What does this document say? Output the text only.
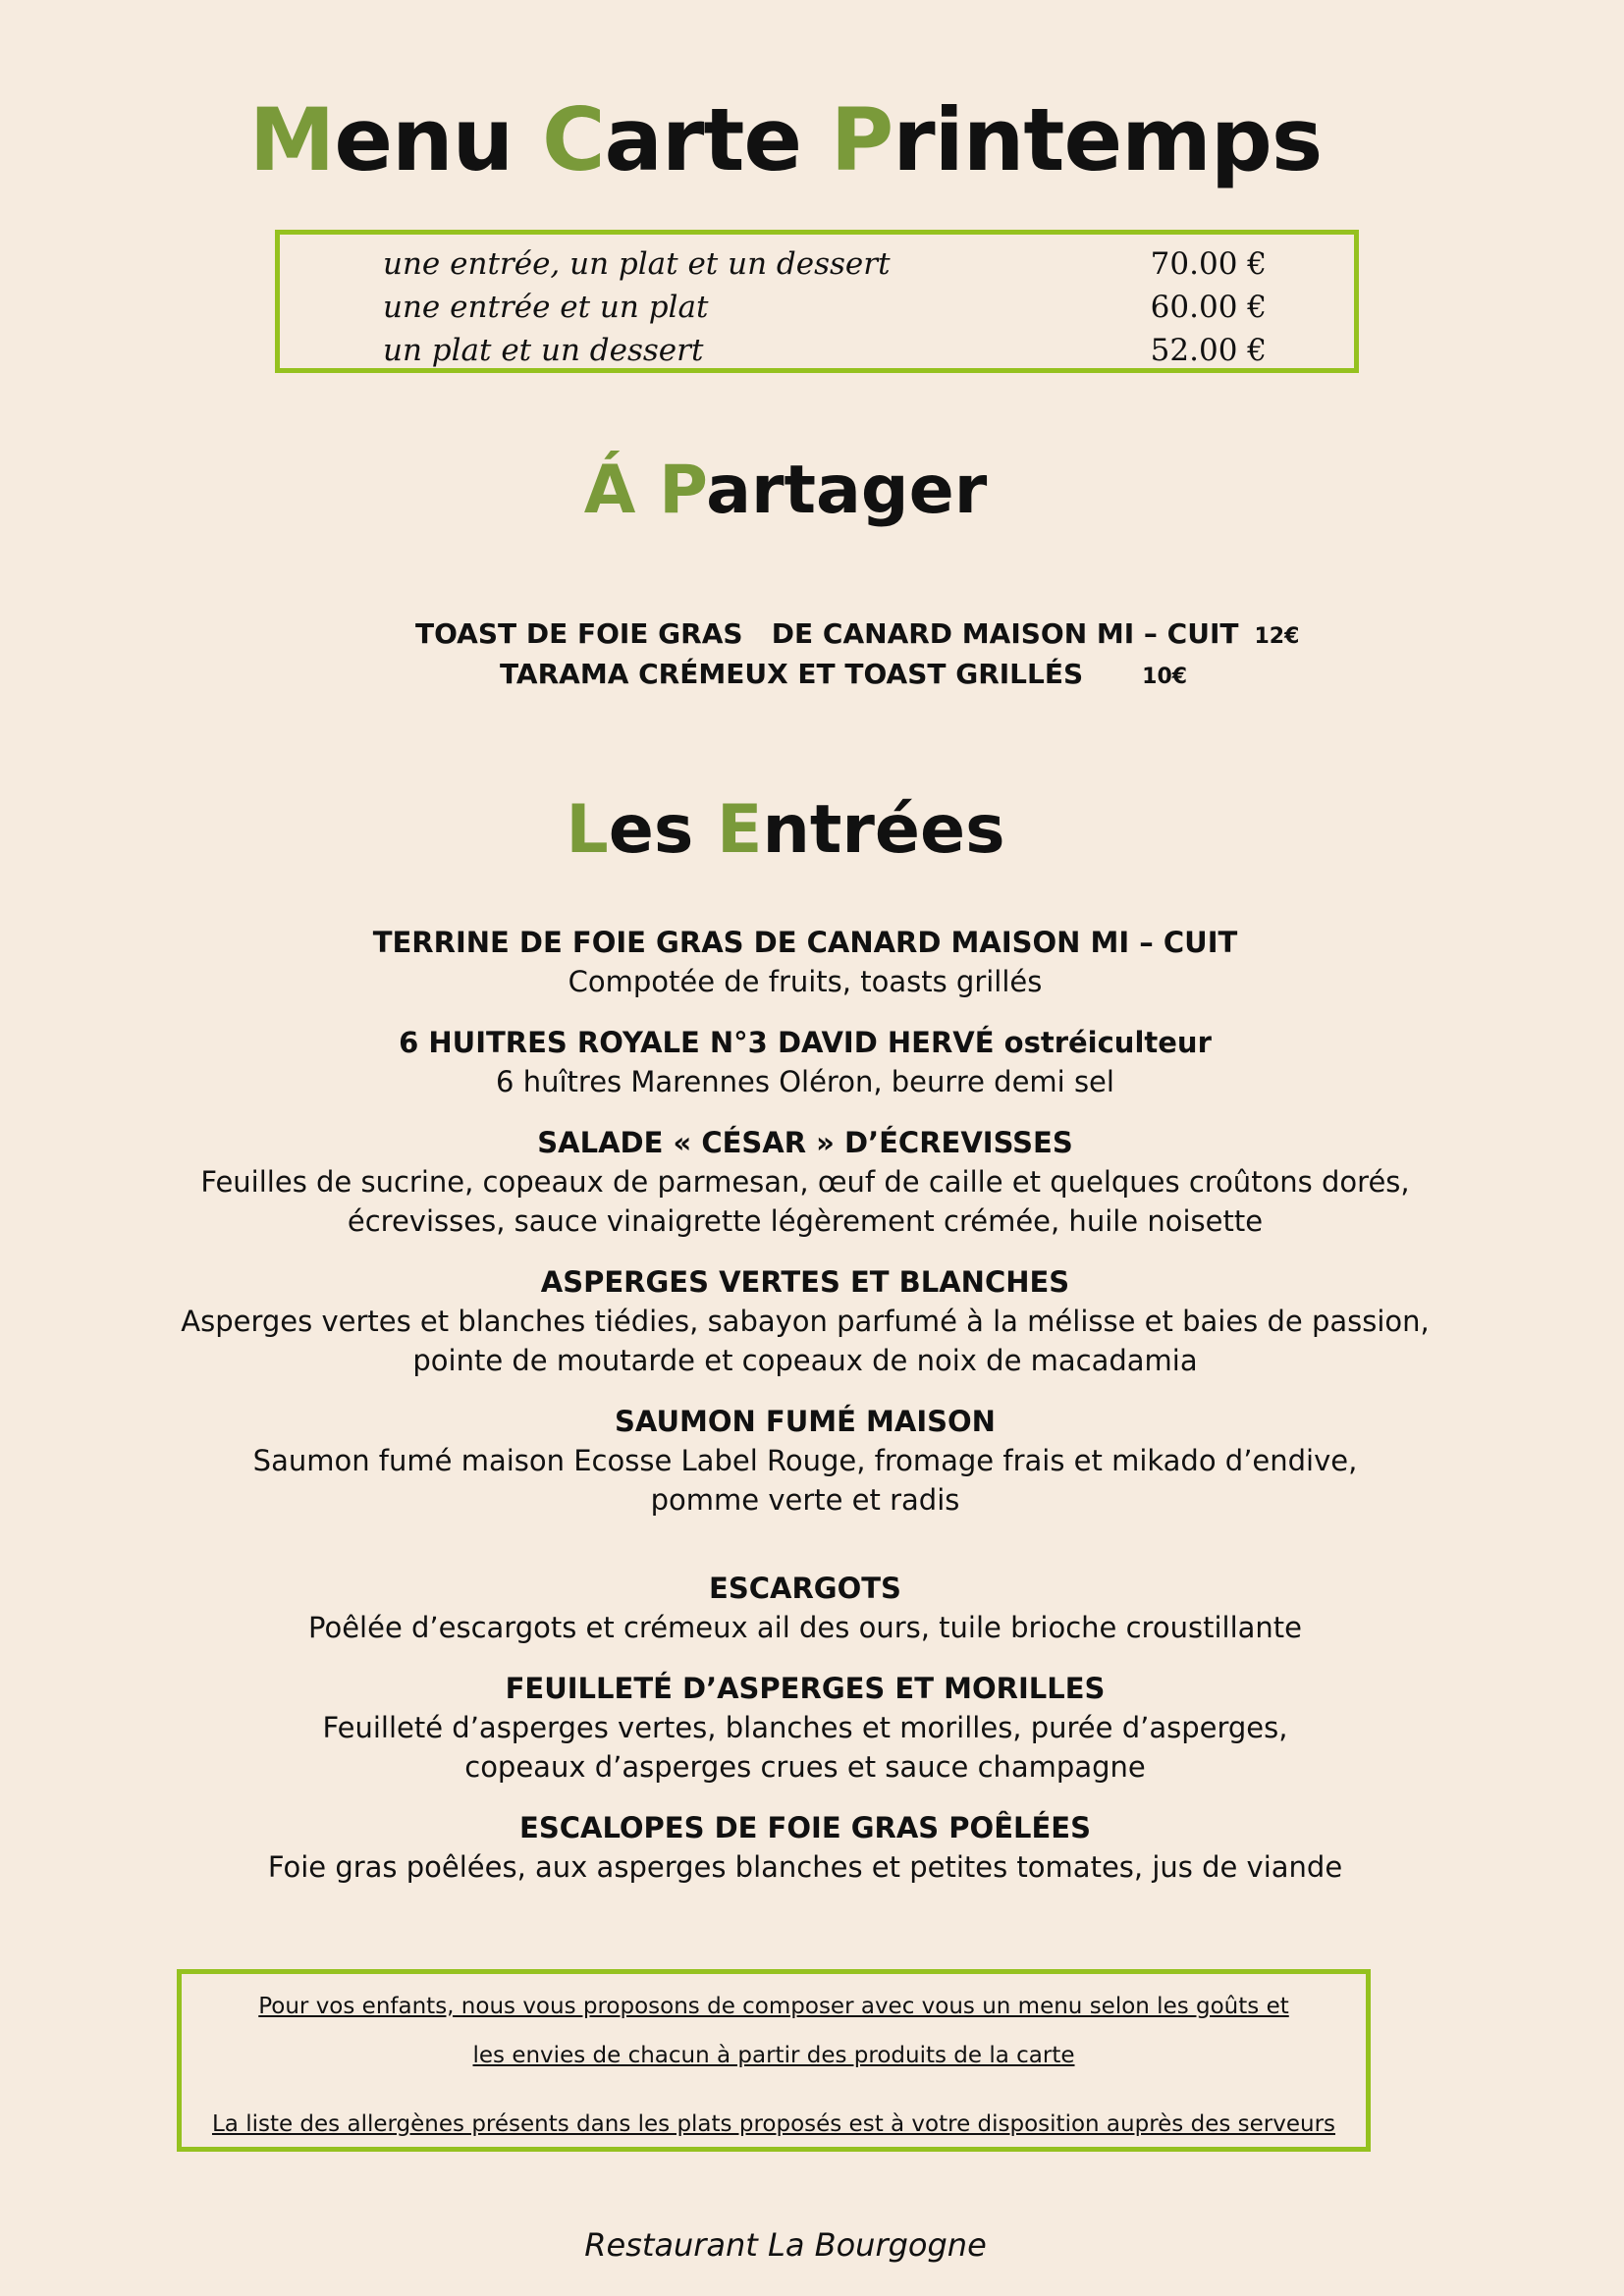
Menu Carte Printemps
une entrée, un plat et un dessert	70.00 €
une entrée et un plat	60.00 €
un plat et un dessert	52.00 €
Á Partager

TOAST DE FOIE GRAS   DE CANARD MAISON MI – CUIT 12€

TARAMA CRÉMEUX ET TOAST GRILLÉS	10€

Les Entrées
TERRINE DE FOIE GRAS DE CANARD MAISON MI – CUIT
Compotée de fruits, toasts grillés
6 HUITRES ROYALE N°3 DAVID HERVÉ ostréiculteur
6 huîtres Marennes Oléron, beurre demi sel
SALADE « CÉSAR » D’ÉCREVISSES
Feuilles de sucrine, copeaux de parmesan, œuf de caille et quelques croûtons dorés,
écrevisses, sauce vinaigrette légèrement crémée, huile noisette
ASPERGES VERTES ET BLANCHES
Asperges vertes et blanches tiédies, sabayon parfumé à la mélisse et baies de passion,
pointe de moutarde et copeaux de noix de macadamia
SAUMON FUMÉ MAISON
Saumon fumé maison Ecosse Label Rouge, fromage frais et mikado d’endive,
pomme verte et radis
ESCARGOTS
Poêlée d’escargots et crémeux ail des ours, tuile brioche croustillante
FEUILLETÉ D’ASPERGES ET MORILLES
Feuilleté d’asperges vertes, blanches et morilles, purée d’asperges,
copeaux d’asperges crues et sauce champagne
ESCALOPES DE FOIE GRAS POÊLÉES
Foie gras poêlées, aux asperges blanches et petites tomates, jus de viande
Pour vos enfants, nous vous proposons de composer avec vous un menu selon les goûts et
les envies de chacun à partir des produits de la carte
La liste des allergènes présents dans les plats proposés est à votre disposition auprès des serveurs
Restaurant La Bourgogne
